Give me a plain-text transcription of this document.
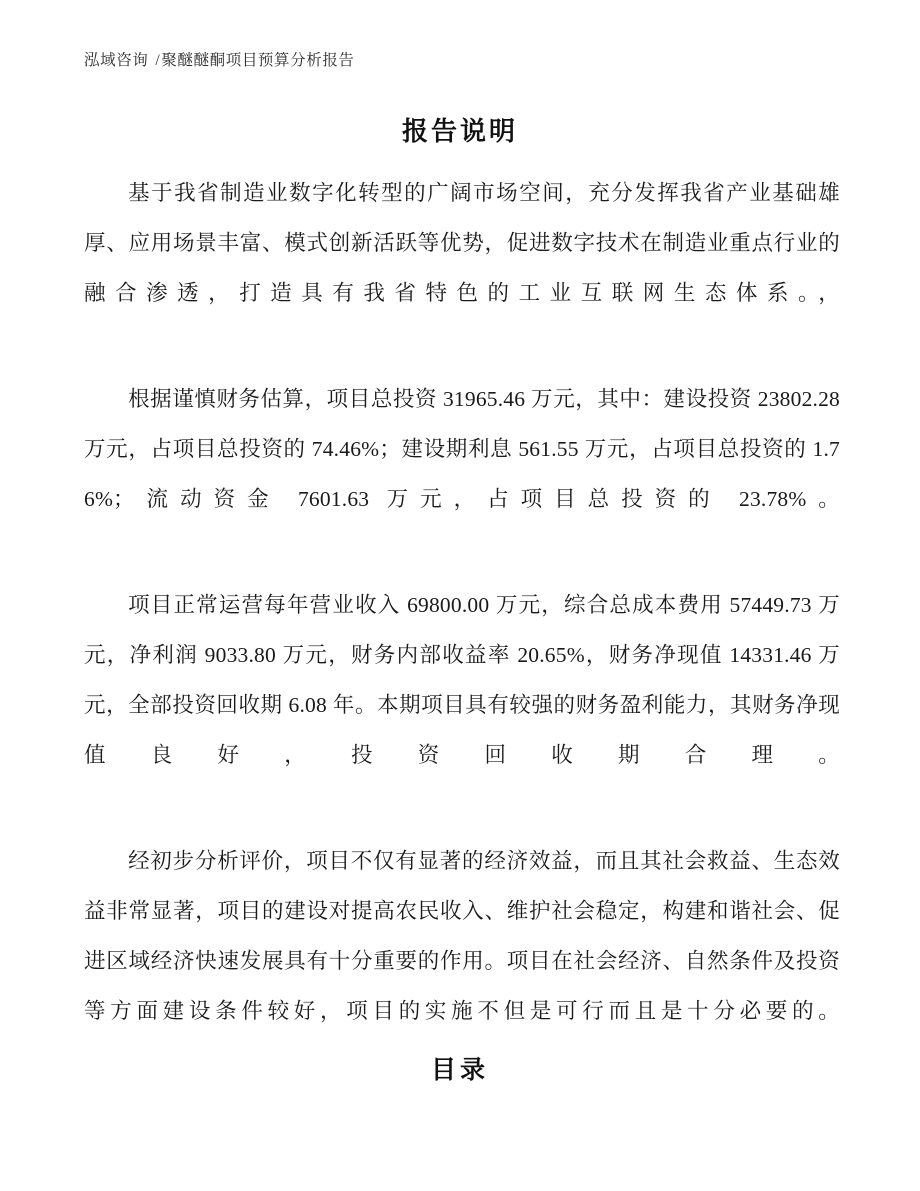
泓域咨询 / 聚醚醚酮项目预算分析报告
报告说明

基于我省制造业数字化转型的广阔市场空间，充分发挥我省产业基础雄厚、应用场景丰富、模式创新活跃等优势，促进数字技术在制造业重点行业的融合渗透，打造具有我省特色的工业互联网生态体系。，

根据谨慎财务估算，项目总投资 31965.46 万元，其中：建设投资 23802.28 万元，占项目总投资的 74.46%；建设期利息 561.55 万元，占项目总投资的 1.76%；流动资金 7601.63 万元，占项目总投资的 23.78%。

项目正常运营每年营业收入 69800.00 万元，综合总成本费用 57449.73 万元，净利润 9033.80 万元，财务内部收益率 20.65%，财务净现值 14331.46 万元，全部投资回收期 6.08 年。本期项目具有较强的财务盈利能力，其财务净现值良好，投资回收期合理。

经初步分析评价，项目不仅有显著的经济效益，而且其社会救益、生态效益非常显著，项目的建设对提高农民收入、维护社会稳定，构建和谐社会、促进区域经济快速发展具有十分重要的作用。项目在社会经济、自然条件及投资等方面建设条件较好，项目的实施不但是可行而且是十分必要的。

目录
